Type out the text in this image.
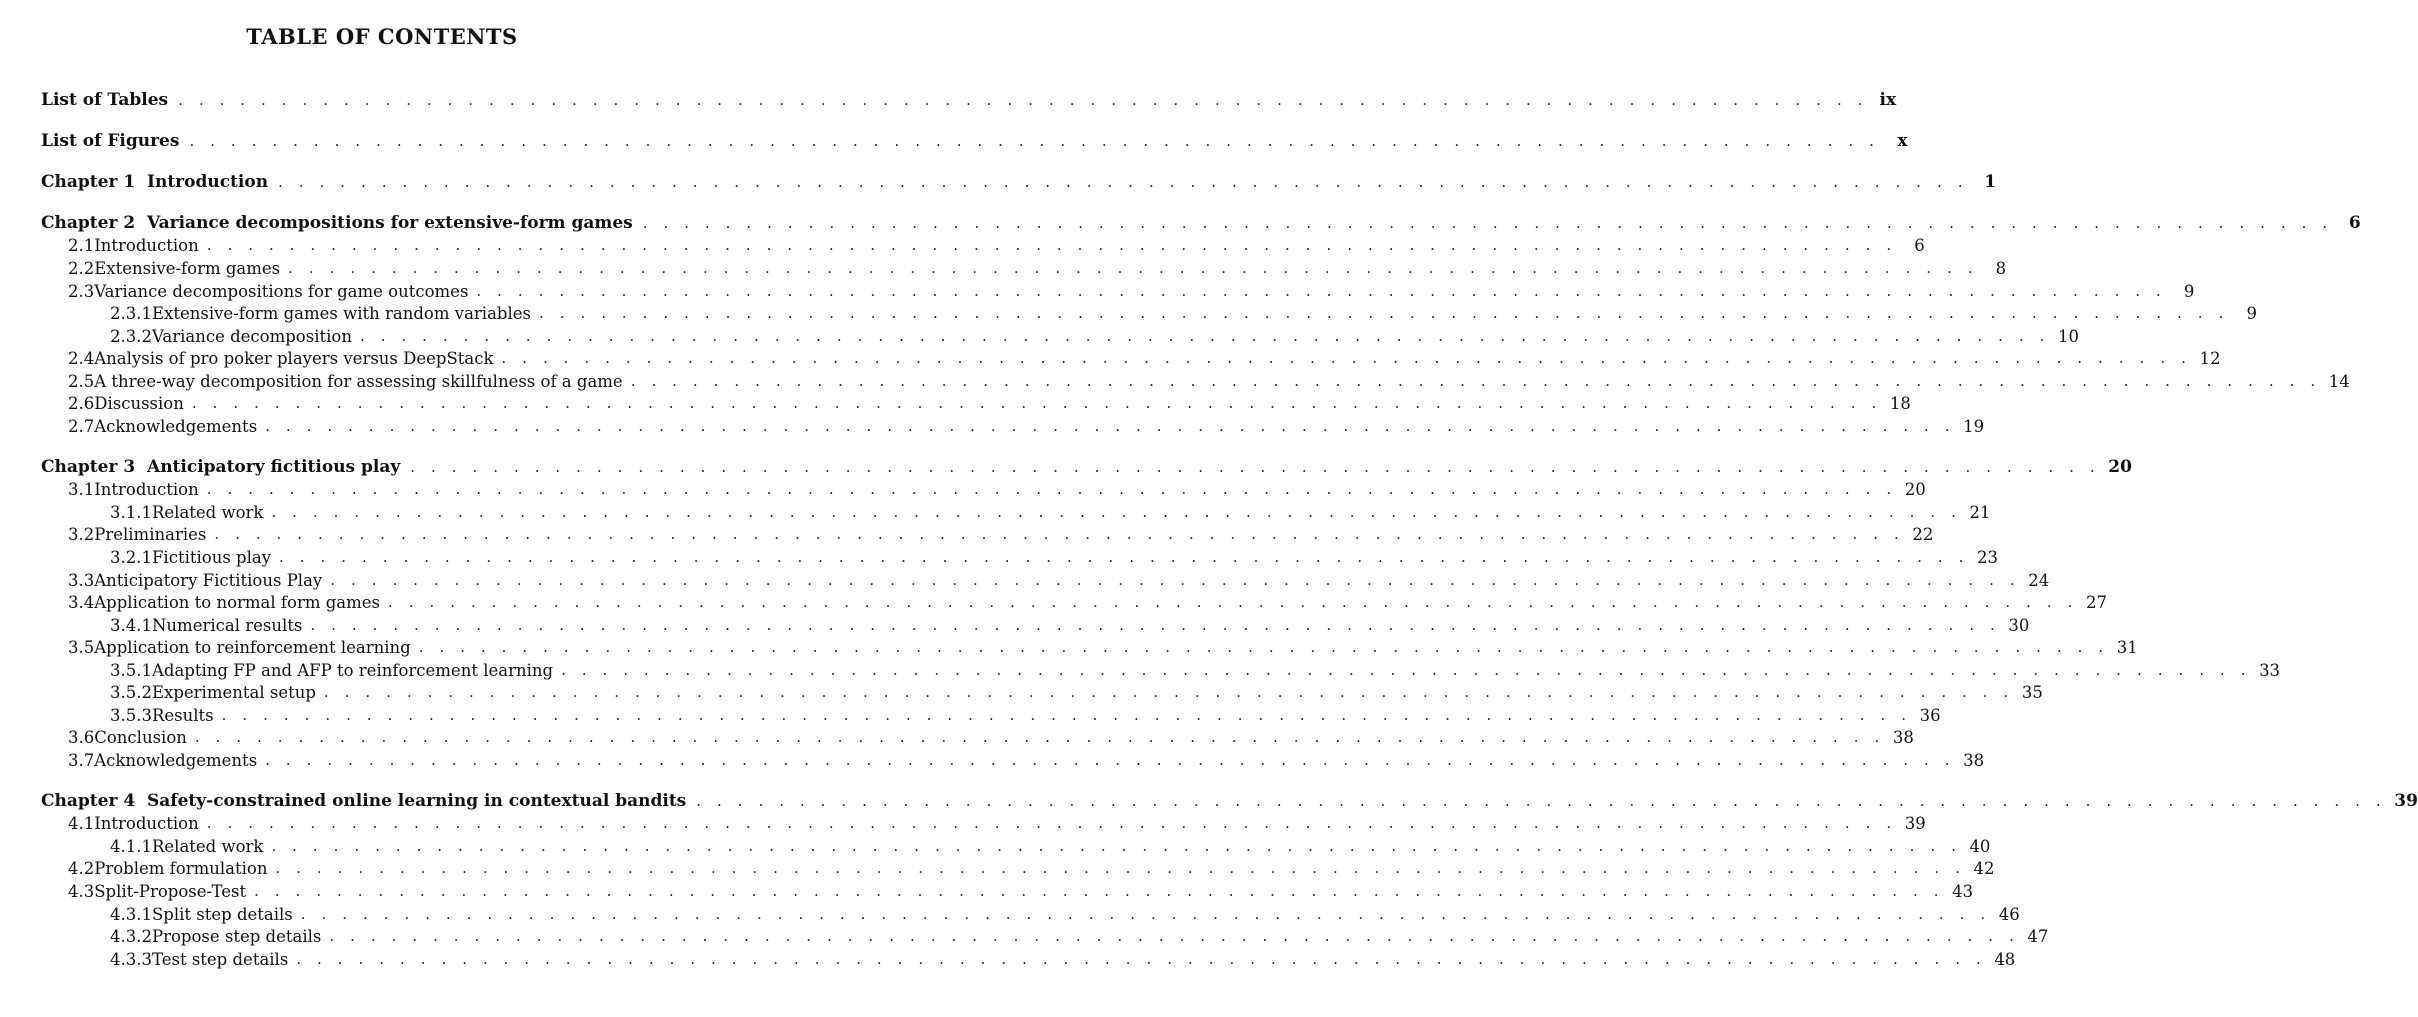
TABLE OF CONTENTS
List of Tables . . . . . . . . . . . . . . . . . . . . . . . . . . . . . . . . . . . . . . . . . . . . . . . . . . . . . . . . . . . . . . . . . . . . . . . . . . . . . . . . . . ix
List of Figures . . . . . . . . . . . . . . . . . . . . . . . . . . . . . . . . . . . . . . . . . . . . . . . . . . . . . . . . . . . . . . . . . . . . . . . . . . . . . . . . . .	x
Chapter 1  Introduction . . . . . . . . . . . . . . . . . . . . . . . . . . . . . . . . . . . . . . . . . . . . . . . . . . . . . . . . . . . . . . . . . . . . . . . . . . . . . . . . . . 1
Chapter 2  Variance decompositions for extensive-form games . . . . . . . . . . . . . . . . . . . . . . . . . . . . . . . . . . . . . . . . . . . . . . . . . . . . . . . . . . . . . . . . . . . . . . . . . . . . . . . . . . 6
2.1 Introduction . . . . . . . . . . . . . . . . . . . . . . . . . . . . . . . . . . . . . . . . . . . . . . . . . . . . . . . . . . . . . . . . . . . . . . . . . . . . . . . . . .	6
2.2 Extensive-form games . . . . . . . . . . . . . . . . . . . . . . . . . . . . . . . . . . . . . . . . . . . . . . . . . . . . . . . . . . . . . . . . . . . . . . . . . . . . . . . . . .	8
2.3 Variance decompositions for game outcomes . . . . . . . . . . . . . . . . . . . . . . . . . . . . . . . . . . . . . . . . . . . . . . . . . . . . . . . . . . . . . . . . . . . . . . . . . . . . . . . . . .	9
2.3.1 Extensive-form games with random variables . . . . . . . . . . . . . . . . . . . . . . . . . . . . . . . . . . . . . . . . . . . . . . . . . . . . . . . . . . . . . . . . . . . . . . . . . . . . . . . . . .	9
2.3.2 Variance decomposition . . . . . . . . . . . . . . . . . . . . . . . . . . . . . . . . . . . . . . . . . . . . . . . . . . . . . . . . . . . . . . . . . . . . . . . . . . . . . . . . . . 10
2.4 Analysis of pro poker players versus DeepStack . . . . . . . . . . . . . . . . . . . . . . . . . . . . . . . . . . . . . . . . . . . . . . . . . . . . . . . . . . . . . . . . . . . . . . . . . . . . . . . . . . 12
2.5 A three-way decomposition for assessing skillfulness of a game . . . . . . . . . . . . . . . . . . . . . . . . . . . . . . . . . . . . . . . . . . . . . . . . . . . . . . . . . . . . . . . . . . . . . . . . . . . . . . . . . . 14
2.6 Discussion . . . . . . . . . . . . . . . . . . . . . . . . . . . . . . . . . . . . . . . . . . . . . . . . . . . . . . . . . . . . . . . . . . . . . . . . . . . . . . . . . . 18
2.7 Acknowledgements . . . . . . . . . . . . . . . . . . . . . . . . . . . . . . . . . . . . . . . . . . . . . . . . . . . . . . . . . . . . . . . . . . . . . . . . . . . . . . . . . . 19
Chapter 3  Anticipatory fictitious play . . . . . . . . . . . . . . . . . . . . . . . . . . . . . . . . . . . . . . . . . . . . . . . . . . . . . . . . . . . . . . . . . . . . . . . . . . . . . . . . . . 20
3.1 Introduction . . . . . . . . . . . . . . . . . . . . . . . . . . . . . . . . . . . . . . . . . . . . . . . . . . . . . . . . . . . . . . . . . . . . . . . . . . . . . . . . . . 20
3.1.1 Related work . . . . . . . . . . . . . . . . . . . . . . . . . . . . . . . . . . . . . . . . . . . . . . . . . . . . . . . . . . . . . . . . . . . . . . . . . . . . . . . . . . 21
3.2 Preliminaries . . . . . . . . . . . . . . . . . . . . . . . . . . . . . . . . . . . . . . . . . . . . . . . . . . . . . . . . . . . . . . . . . . . . . . . . . . . . . . . . . . 22
3.2.1 Fictitious play . . . . . . . . . . . . . . . . . . . . . . . . . . . . . . . . . . . . . . . . . . . . . . . . . . . . . . . . . . . . . . . . . . . . . . . . . . . . . . . . . . 23
3.3 Anticipatory Fictitious Play . . . . . . . . . . . . . . . . . . . . . . . . . . . . . . . . . . . . . . . . . . . . . . . . . . . . . . . . . . . . . . . . . . . . . . . . . . . . . . . . . . 24
3.4 Application to normal form games . . . . . . . . . . . . . . . . . . . . . . . . . . . . . . . . . . . . . . . . . . . . . . . . . . . . . . . . . . . . . . . . . . . . . . . . . . . . . . . . . . 27
3.4.1 Numerical results . . . . . . . . . . . . . . . . . . . . . . . . . . . . . . . . . . . . . . . . . . . . . . . . . . . . . . . . . . . . . . . . . . . . . . . . . . . . . . . . . . 30
3.5 Application to reinforcement learning . . . . . . . . . . . . . . . . . . . . . . . . . . . . . . . . . . . . . . . . . . . . . . . . . . . . . . . . . . . . . . . . . . . . . . . . . . . . . . . . . . 31
3.5.1 Adapting FP and AFP to reinforcement learning . . . . . . . . . . . . . . . . . . . . . . . . . . . . . . . . . . . . . . . . . . . . . . . . . . . . . . . . . . . . . . . . . . . . . . . . . . . . . . . . . . 33
3.5.2 Experimental setup . . . . . . . . . . . . . . . . . . . . . . . . . . . . . . . . . . . . . . . . . . . . . . . . . . . . . . . . . . . . . . . . . . . . . . . . . . . . . . . . . . 35
3.5.3 Results . . . . . . . . . . . . . . . . . . . . . . . . . . . . . . . . . . . . . . . . . . . . . . . . . . . . . . . . . . . . . . . . . . . . . . . . . . . . . . . . . . 36
3.6 Conclusion . . . . . . . . . . . . . . . . . . . . . . . . . . . . . . . . . . . . . . . . . . . . . . . . . . . . . . . . . . . . . . . . . . . . . . . . . . . . . . . . . . 38
3.7 Acknowledgements . . . . . . . . . . . . . . . . . . . . . . . . . . . . . . . . . . . . . . . . . . . . . . . . . . . . . . . . . . . . . . . . . . . . . . . . . . . . . . . . . . 38
Chapter 4  Safety-constrained online learning in contextual bandits . . . . . . . . . . . . . . . . . . . . . . . . . . . . . . . . . . . . . . . . . . . . . . . . . . . . . . . . . . . . . . . . . . . . . . . . . . . . . . . . . . 39
4.1 Introduction . . . . . . . . . . . . . . . . . . . . . . . . . . . . . . . . . . . . . . . . . . . . . . . . . . . . . . . . . . . . . . . . . . . . . . . . . . . . . . . . . . 39
4.1.1 Related work . . . . . . . . . . . . . . . . . . . . . . . . . . . . . . . . . . . . . . . . . . . . . . . . . . . . . . . . . . . . . . . . . . . . . . . . . . . . . . . . . . 40
4.2 Problem formulation . . . . . . . . . . . . . . . . . . . . . . . . . . . . . . . . . . . . . . . . . . . . . . . . . . . . . . . . . . . . . . . . . . . . . . . . . . . . . . . . . . 42
4.3 Split-Propose-Test . . . . . . . . . . . . . . . . . . . . . . . . . . . . . . . . . . . . . . . . . . . . . . . . . . . . . . . . . . . . . . . . . . . . . . . . . . . . . . . . . . 43
4.3.1 Split step details . . . . . . . . . . . . . . . . . . . . . . . . . . . . . . . . . . . . . . . . . . . . . . . . . . . . . . . . . . . . . . . . . . . . . . . . . . . . . . . . . . 46
4.3.2 Propose step details . . . . . . . . . . . . . . . . . . . . . . . . . . . . . . . . . . . . . . . . . . . . . . . . . . . . . . . . . . . . . . . . . . . . . . . . . . . . . . . . . . 47
4.3.3 Test step details . . . . . . . . . . . . . . . . . . . . . . . . . . . . . . . . . . . . . . . . . . . . . . . . . . . . . . . . . . . . . . . . . . . . . . . . . . . . . . . . . . 48
